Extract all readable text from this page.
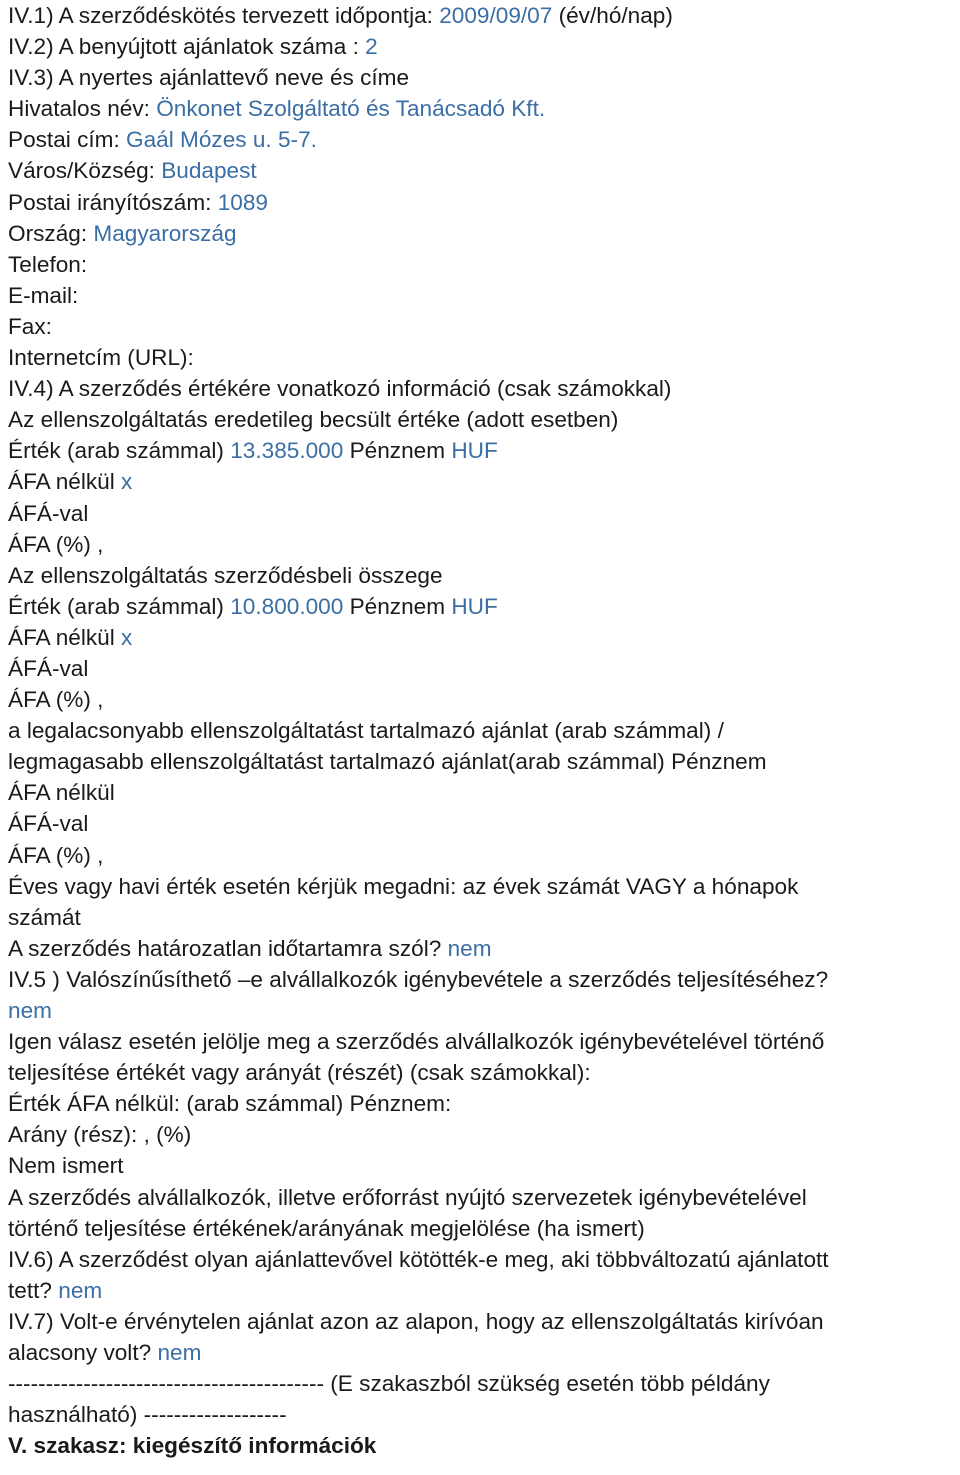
IV.1) A szerződéskötés tervezett időpontja: 2009/09/07 (év/hó/nap)
IV.2) A benyújtott ajánlatok száma : 2
IV.3) A nyertes ajánlattevő neve és címe
Hivatalos név: Önkonet Szolgáltató és Tanácsadó Kft.
Postai cím: Gaál Mózes u. 5-7.
Város/Község: Budapest
Postai irányítószám: 1089
Ország: Magyarország
Telefon:
E-mail:
Fax:
Internetcím (URL):
IV.4) A szerződés értékére vonatkozó információ (csak számokkal)
Az ellenszolgáltatás eredetileg becsült értéke (adott esetben)
Érték (arab számmal) 13.385.000 Pénznem HUF
ÁFA nélkül x
ÁFÁ-val
ÁFA (%) ,
Az ellenszolgáltatás szerződésbeli összege
Érték (arab számmal) 10.800.000 Pénznem HUF
ÁFA nélkül x
ÁFÁ-val
ÁFA (%) ,
a legalacsonyabb ellenszolgáltatást tartalmazó ajánlat (arab számmal) /
legmagasabb ellenszolgáltatást tartalmazó ajánlat(arab számmal) Pénznem
ÁFA nélkül
ÁFÁ-val
ÁFA (%) ,
Éves vagy havi érték esetén kérjük megadni: az évek számát VAGY a hónapok
számát
A szerződés határozatlan időtartamra szól? nem
IV.5 ) Valószínűsíthető –e alvállalkozók igénybevétele a szerződés teljesítéséhez?
nem
Igen válasz esetén jelölje meg a szerződés alvállalkozók igénybevételével történő
teljesítése értékét vagy arányát (részét) (csak számokkal):
Érték ÁFA nélkül: (arab számmal) Pénznem:
Arány (rész): , (%)
Nem ismert
A szerződés alvállalkozók, illetve erőforrást nyújtó szervezetek igénybevételével
történő teljesítése értékének/arányának megjelölése (ha ismert)
IV.6) A szerződést olyan ajánlattevővel kötötték-e meg, aki többváltozatú ajánlatott
tett? nem
IV.7) Volt-e érvénytelen ajánlat azon az alapon, hogy az ellenszolgáltatás kirívóan
alacsony volt? nem
------------------------------------------ (E szakaszból szükség esetén több példány
használható) -------------------
V. szakasz: kiegészítő információk
